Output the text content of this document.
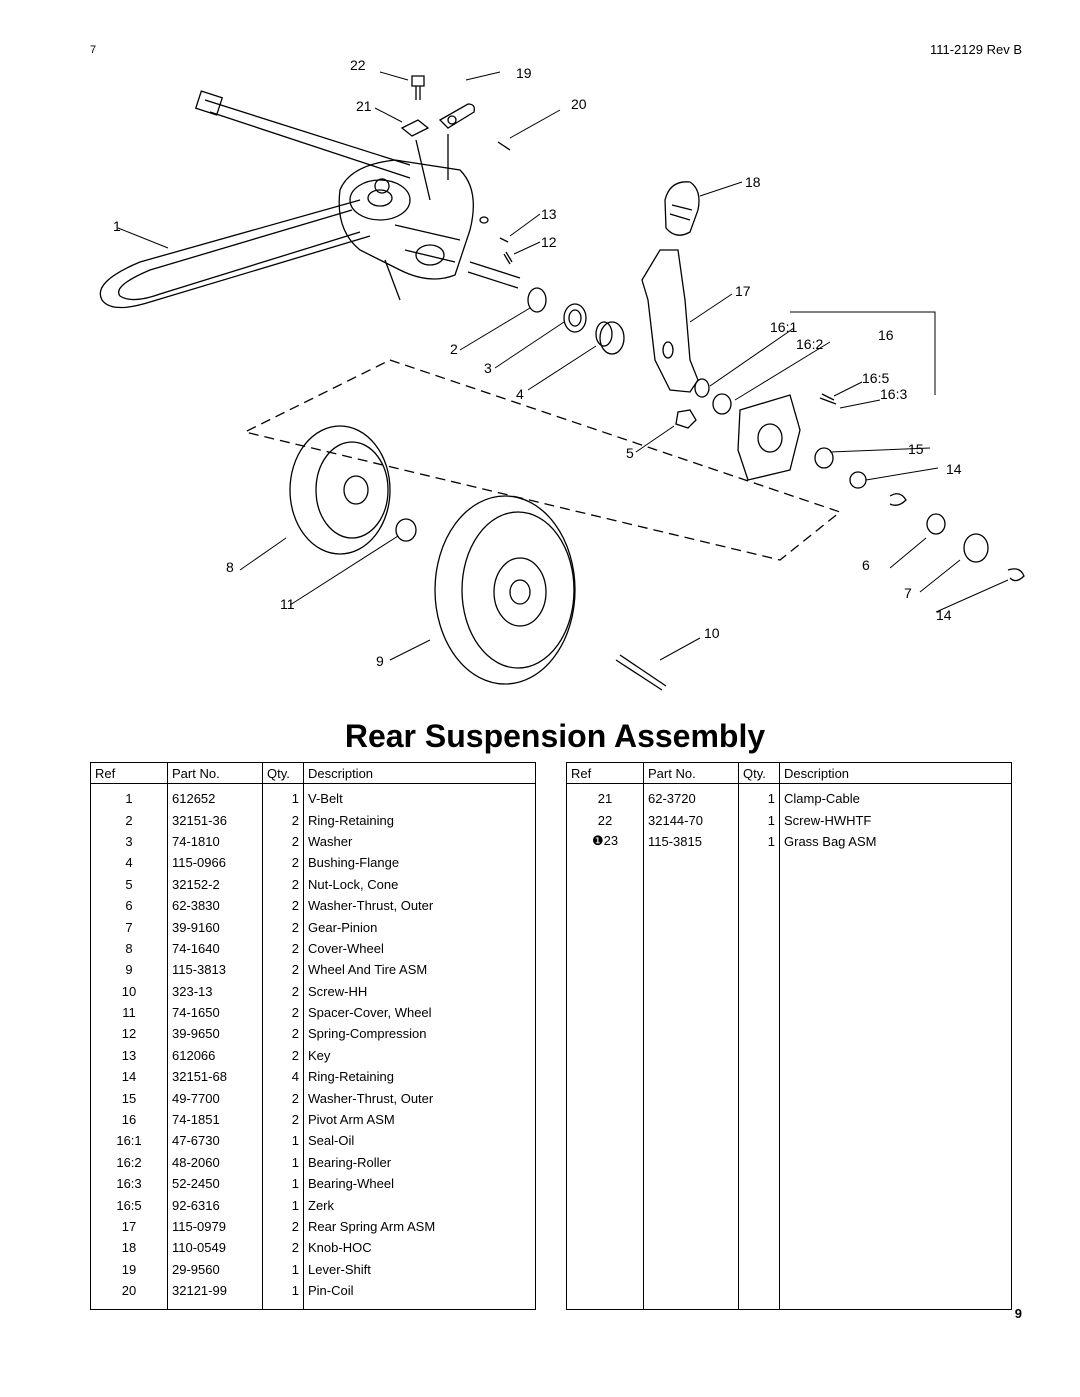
7	111-2129 Rev B
22	19
21	20
18
1
13
12
17
2
16:1	16
16:2
3
16:5
16:3
4
5	15
14
8	6
7
11
14
10
9
Rear Suspension Assembly
Ref	Part No.	Qty.	Description
1	612652	1	V-Belt
2	32151-36	2	Ring-Retaining
3	74-1810	2	Washer
4	115-0966	2	Bushing-Flange
5	32152-2	2	Nut-Lock, Cone
6	62-3830	2	Washer-Thrust, Outer
7	39-9160	2	Gear-Pinion
8	74-1640	2	Cover-Wheel
9	115-3813	2	Wheel And Tire ASM
10	323-13	2	Screw-HH
11	74-1650	2	Spacer-Cover, Wheel
12	39-9650	2	Spring-Compression
13	612066	2	Key
14	32151-68	4	Ring-Retaining
15	49-7700	2	Washer-Thrust, Outer
16	74-1851	2	Pivot Arm ASM
16:1	47-6730	1	Seal-Oil
16:2	48-2060	1	Bearing-Roller
16:3	52-2450	1	Bearing-Wheel
16:5	92-6316	1	Zerk
17	115-0979	2	Rear Spring Arm ASM
18	110-0549	2	Knob-HOC
19	29-9560	1	Lever-Shift
20	32121-99	1	Pin-Coil
Ref	Part No.	Qty.	Description
21	62-3720	1	Clamp-Cable
22	32144-70	1	Screw-HWHTF
❶23	115-3815	1	Grass Bag ASM

9
